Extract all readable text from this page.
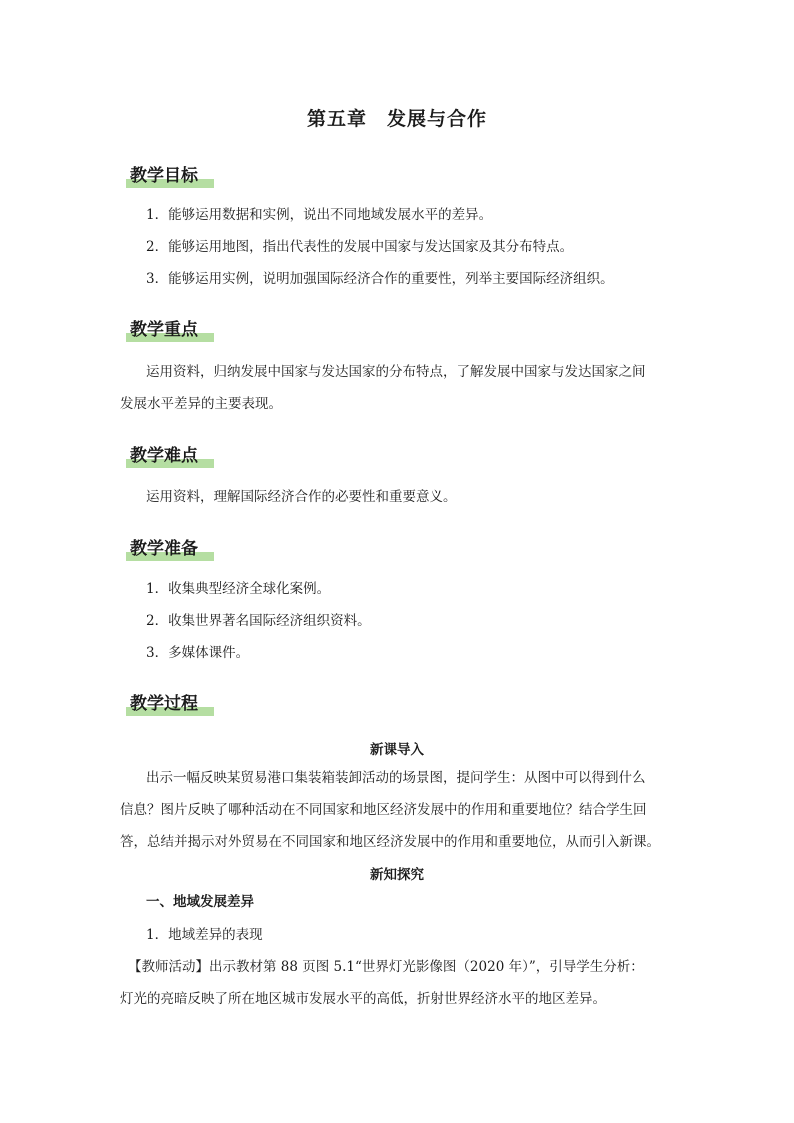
第五章　发展与合作
教学目标
1．能够运用数据和实例，说出不同地域发展水平的差异。
2．能够运用地图，指出代表性的发展中国家与发达国家及其分布特点。
3．能够运用实例，说明加强国际经济合作的重要性，列举主要国际经济组织。
教学重点
运用资料，归纳发展中国家与发达国家的分布特点，了解发展中国家与发达国家之间
发展水平差异的主要表现。
教学难点
运用资料，理解国际经济合作的必要性和重要意义。
教学准备
1．收集典型经济全球化案例。
2．收集世界著名国际经济组织资料。
3．多媒体课件。
教学过程
新课导入
出示一幅反映某贸易港口集装箱装卸活动的场景图，提问学生：从图中可以得到什么
信息？图片反映了哪种活动在不同国家和地区经济发展中的作用和重要地位？结合学生回
答，总结并揭示对外贸易在不同国家和地区经济发展中的作用和重要地位，从而引入新课。
新知探究
一、地域发展差异
1．地域差异的表现
【教师活动】出示教材第 88 页图 5.1“世界灯光影像图（2020 年）”，引导学生分析：
灯光的亮暗反映了所在地区城市发展水平的高低，折射世界经济水平的地区差异。
